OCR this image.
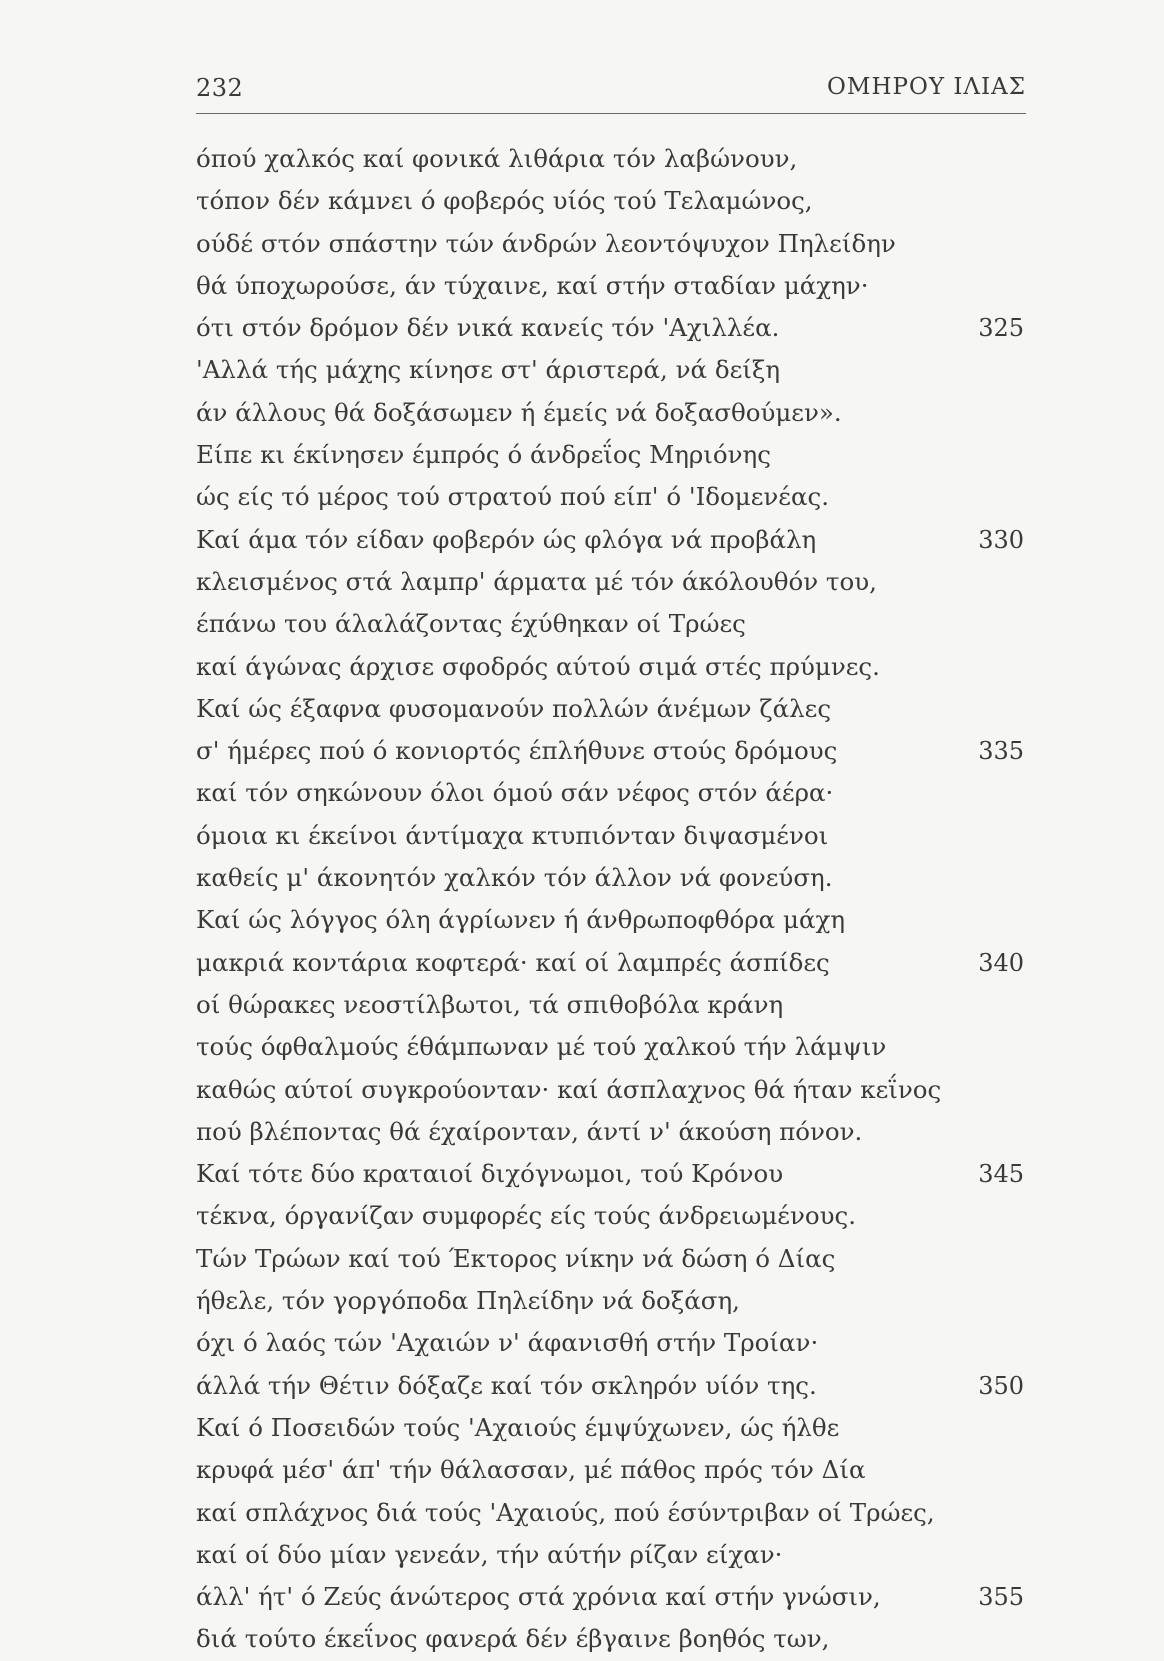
232	ΟΜΗΡΟΥ ΙΛΙΑΣ
όπού χαλκός καί φονικά λιθάρια τόν λαβώνουν,
τόπον δέν κάμνει ό φοβερός υίός τού Τελαμώνος,
ούδέ στόν σπάστην τών άνδρών λεοντόψυχον Πηλείδην
θά ύποχωρούσε, άν τύχαινε, καί στήν σταδίαν μάχην·
ότι στόν δρόμον δέν νικά κανείς τόν 'Αχιλλέα.	325
'Αλλά τής μάχης κίνησε στ' άριστερά, νά δείξη
άν άλλους θά δοξάσωμεν ή έμείς νά δοξασθούμεν».
Είπε κι έκίνησεν έμπρός ό άνδρεΐος Μηριόνης
ώς είς τό μέρος τού στρατού πού είπ' ό 'Ιδομενέας.
Καί άμα τόν είδαν φοβερόν ώς φλόγα νά προβάλη	330
κλεισμένος στά λαμπρ' άρματα μέ τόν άκόλουθόν του,
έπάνω του άλαλάζοντας έχύθηκαν οί Τρώες
καί άγώνας άρχισε σφοδρός αύτού σιμά στές πρύμνες.
Καί ώς έξαφνα φυσομανούν πολλών άνέμων ζάλες
σ' ήμέρες πού ό κονιορτός έπλήθυνε στούς δρόμους	335
καί τόν σηκώνουν όλοι όμού σάν νέφος στόν άέρα·
όμοια κι έκείνοι άντίμαχα κτυπιόνταν διψασμένοι
καθείς μ' άκονητόν χαλκόν τόν άλλον νά φονεύση.
Καί ώς λόγγος όλη άγρίωνεν ή άνθρωποφθόρα μάχη
μακριά κοντάρια κοφτερά· καί οί λαμπρές άσπίδες	340
οί θώρακες νεοστίλβωτοι, τά σπιθοβόλα κράνη
τούς όφθαλμούς έθάμπωναν μέ τού χαλκού τήν λάμψιν
καθώς αύτοί συγκρούονταν· καί άσπλαχνος θά ήταν κεΐνος
πού βλέποντας θά έχαίρονταν, άντί ν' άκούση πόνον.
Καί τότε δύο κραταιοί διχόγνωμοι, τού Κρόνου	345
τέκνα, όργανίζαν συμφορές είς τούς άνδρειωμένους.
Τών Τρώων καί τού Έκτορος νίκην νά δώση ό Δίας
ήθελε, τόν γοργόποδα Πηλείδην νά δοξάση,
όχι ό λαός τών 'Αχαιών ν' άφανισθή στήν Τροίαν·
άλλά τήν Θέτιν δόξαζε καί τόν σκληρόν υίόν της.	350
Καί ό Ποσειδών τούς 'Αχαιούς έμψύχωνεν, ώς ήλθε
κρυφά μέσ' άπ' τήν θάλασσαν, μέ πάθος πρός τόν Δία
καί σπλάχνος διά τούς 'Αχαιούς, πού έσύντριβαν οί Τρώες,
καί οί δύο μίαν γενεάν, τήν αύτήν ρίζαν είχαν·
άλλ' ήτ' ό Ζεύς άνώτερος στά χρόνια καί στήν γνώσιν,	355
διά τούτο έκεΐνος φανερά δέν έβγαινε βοηθός των,
